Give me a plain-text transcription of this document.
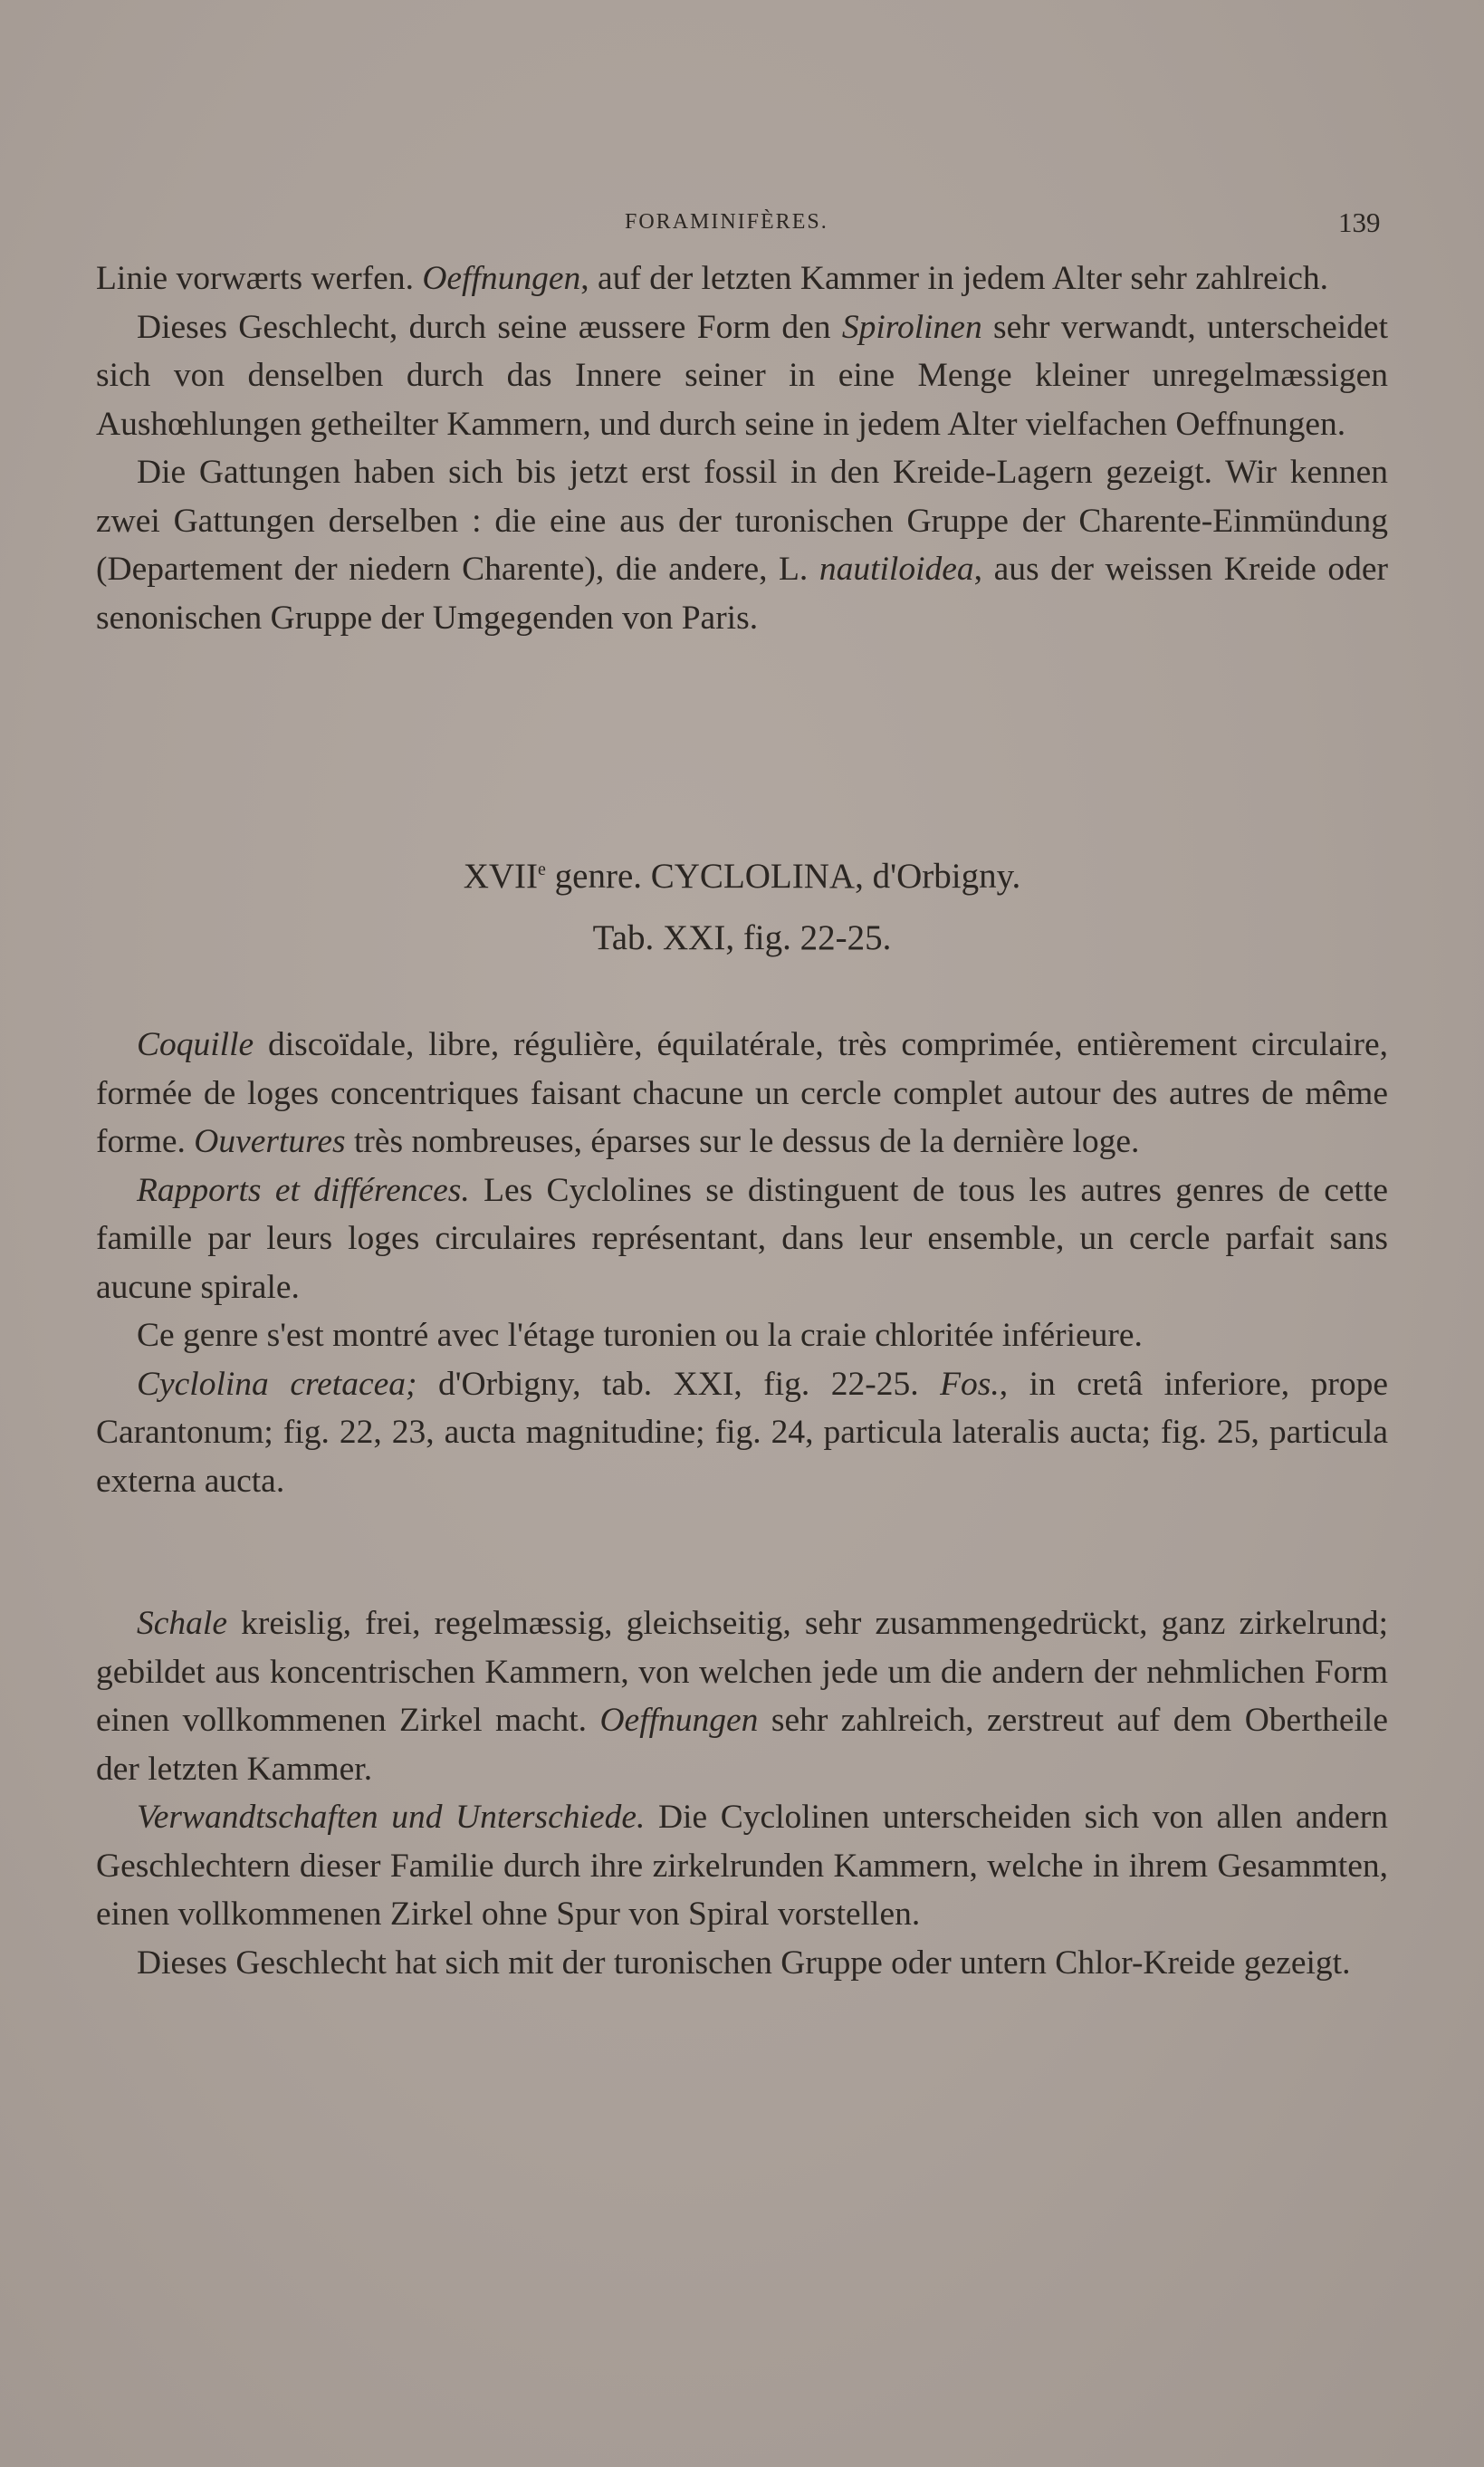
FORAMINIFÈRES.	139

Linie vorwærts werfen. Oeffnungen, auf der letzten Kammer in jedem Alter sehr zahlreich.

Dieses Geschlecht, durch seine æussere Form den Spirolinen sehr verwandt, unterscheidet sich von denselben durch das Innere seiner in eine Menge kleiner unregelmæssigen Aushœhlungen getheilter Kammern, und durch seine in jedem Alter vielfachen Oeffnungen.

Die Gattungen haben sich bis jetzt erst fossil in den Kreide-Lagern gezeigt. Wir kennen zwei Gattungen derselben : die eine aus der turonischen Gruppe der Charente-Einmündung (Departement der niedern Charente), die andere, L. nautiloidea, aus der weissen Kreide oder senonischen Gruppe der Umgegenden von Paris.

XVIIe genre. CYCLOLINA, d'Orbigny.
Tab. XXI, fig. 22-25.

Coquille discoïdale, libre, régulière, équilatérale, très comprimée, entièrement circulaire, formée de loges concentriques faisant chacune un cercle complet autour des autres de même forme. Ouvertures très nombreuses, éparses sur le dessus de la dernière loge.

Rapports et différences. Les Cyclolines se distinguent de tous les autres genres de cette famille par leurs loges circulaires représentant, dans leur ensemble, un cercle parfait sans aucune spirale.

Ce genre s'est montré avec l'étage turonien ou la craie chloritée inférieure.

Cyclolina cretacea; d'Orbigny, tab. XXI, fig. 22-25. Fos., in cretâ inferiore, prope Carantonum; fig. 22, 23, aucta magnitudine; fig. 24, particula lateralis aucta; fig. 25, particula externa aucta.

Schale kreislig, frei, regelmæssig, gleichseitig, sehr zusammengedrückt, ganz zirkelrund; gebildet aus koncentrischen Kammern, von welchen jede um die andern der nehmlichen Form einen vollkommenen Zirkel macht. Oeffnungen sehr zahlreich, zerstreut auf dem Obertheile der letzten Kammer.

Verwandtschaften und Unterschiede. Die Cyclolinen unterscheiden sich von allen andern Geschlechtern dieser Familie durch ihre zirkelrunden Kammern, welche in ihrem Gesammten, einen vollkommenen Zirkel ohne Spur von Spiral vorstellen.

Dieses Geschlecht hat sich mit der turonischen Gruppe oder untern Chlor-Kreide gezeigt.
